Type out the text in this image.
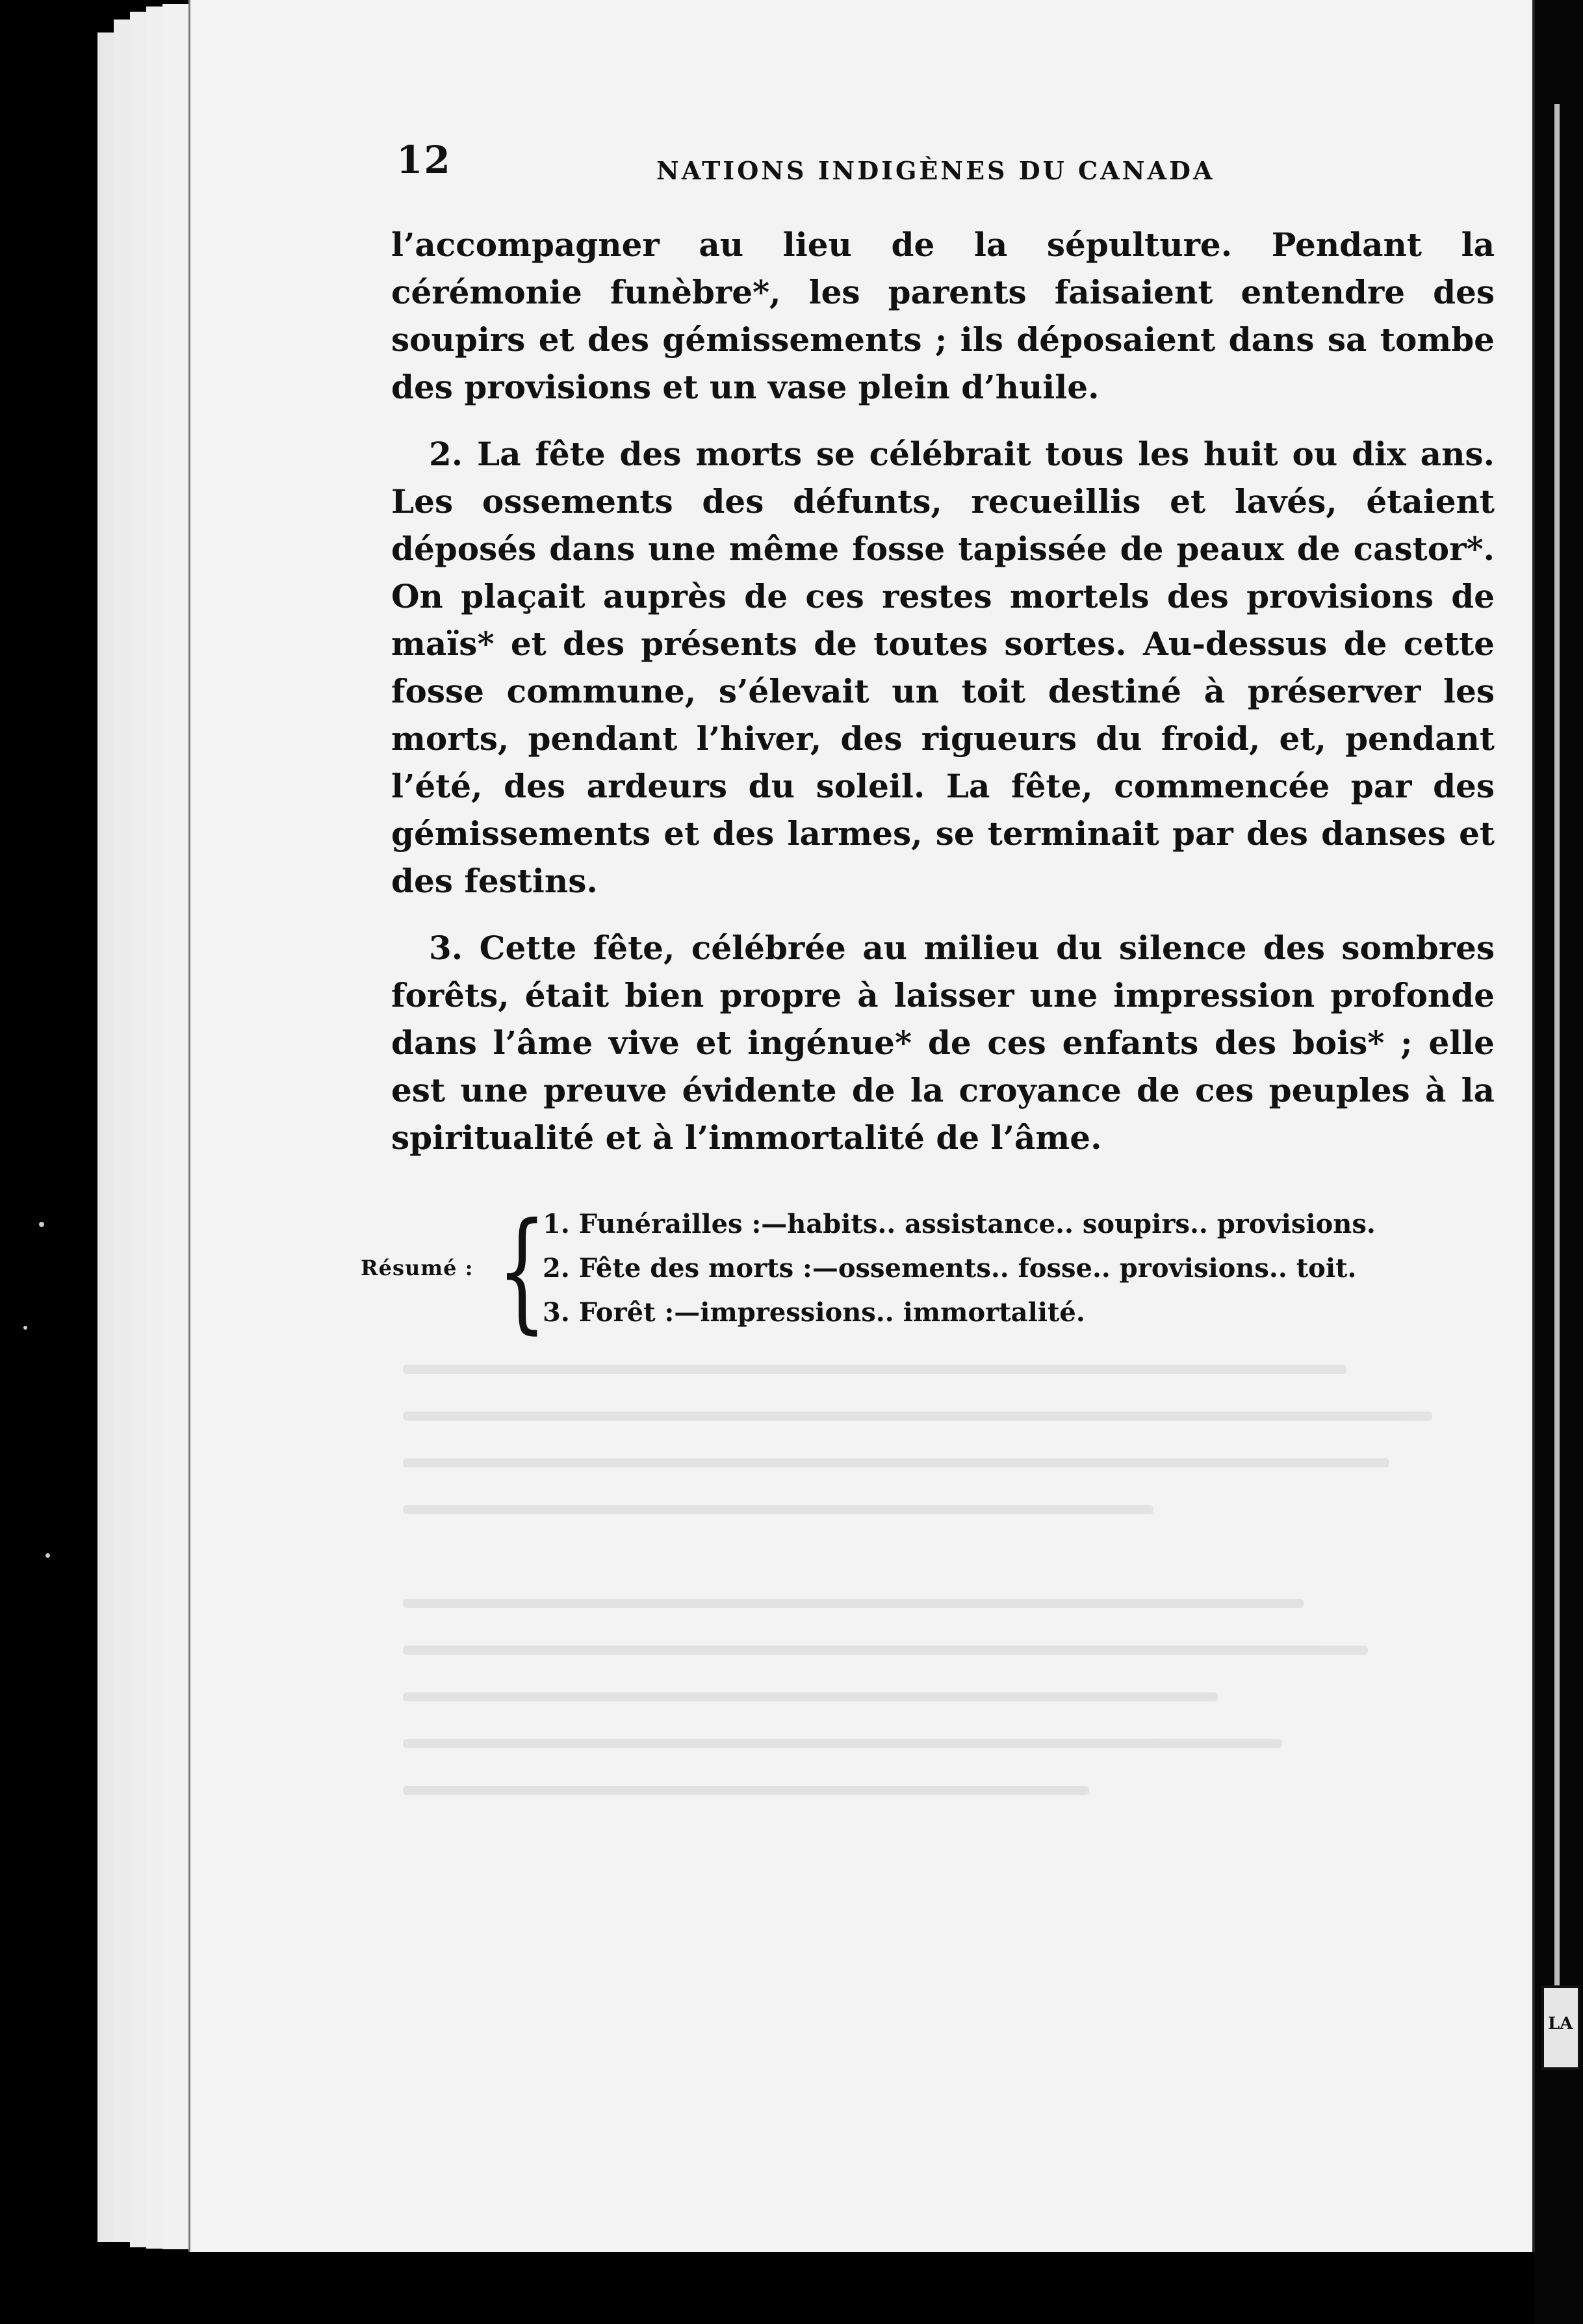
LA
12	NATIONS INDIGÈNES DU CANADA

l’accompagner au lieu de la sépulture. Pendant la cérémonie funèbre*, les parents faisaient entendre des soupirs et des gémissements ; ils déposaient dans sa tombe des provisions et un vase plein d’huile.

2. La fête des morts se célébrait tous les huit ou dix ans. Les ossements des défunts, recueillis et lavés, étaient déposés dans une même fosse tapissée de peaux de castor*. On plaçait auprès de ces restes mortels des provisions de maïs* et des présents de toutes sortes. Au-dessus de cette fosse commune, s’élevait un toit destiné à préserver les morts, pendant l’hiver, des rigueurs du froid, et, pendant l’été, des ardeurs du soleil. La fête, commencée par des gémissements et des larmes, se terminait par des danses et des festins.

3. Cette fête, célébrée au milieu du silence des sombres forêts, était bien propre à laisser une impression profonde dans l’âme vive et ingénue* de ces enfants des bois* ; elle est une preuve évidente de la croyance de ces peuples à la spiritualité et à l’immortalité de l’âme.

Résumé : {
1. Funérailles :—habits.. assistance.. soupirs.. provisions.
2. Fête des morts :—ossements.. fosse.. provisions.. toit.
3. Forêt :—impressions.. immortalité.
